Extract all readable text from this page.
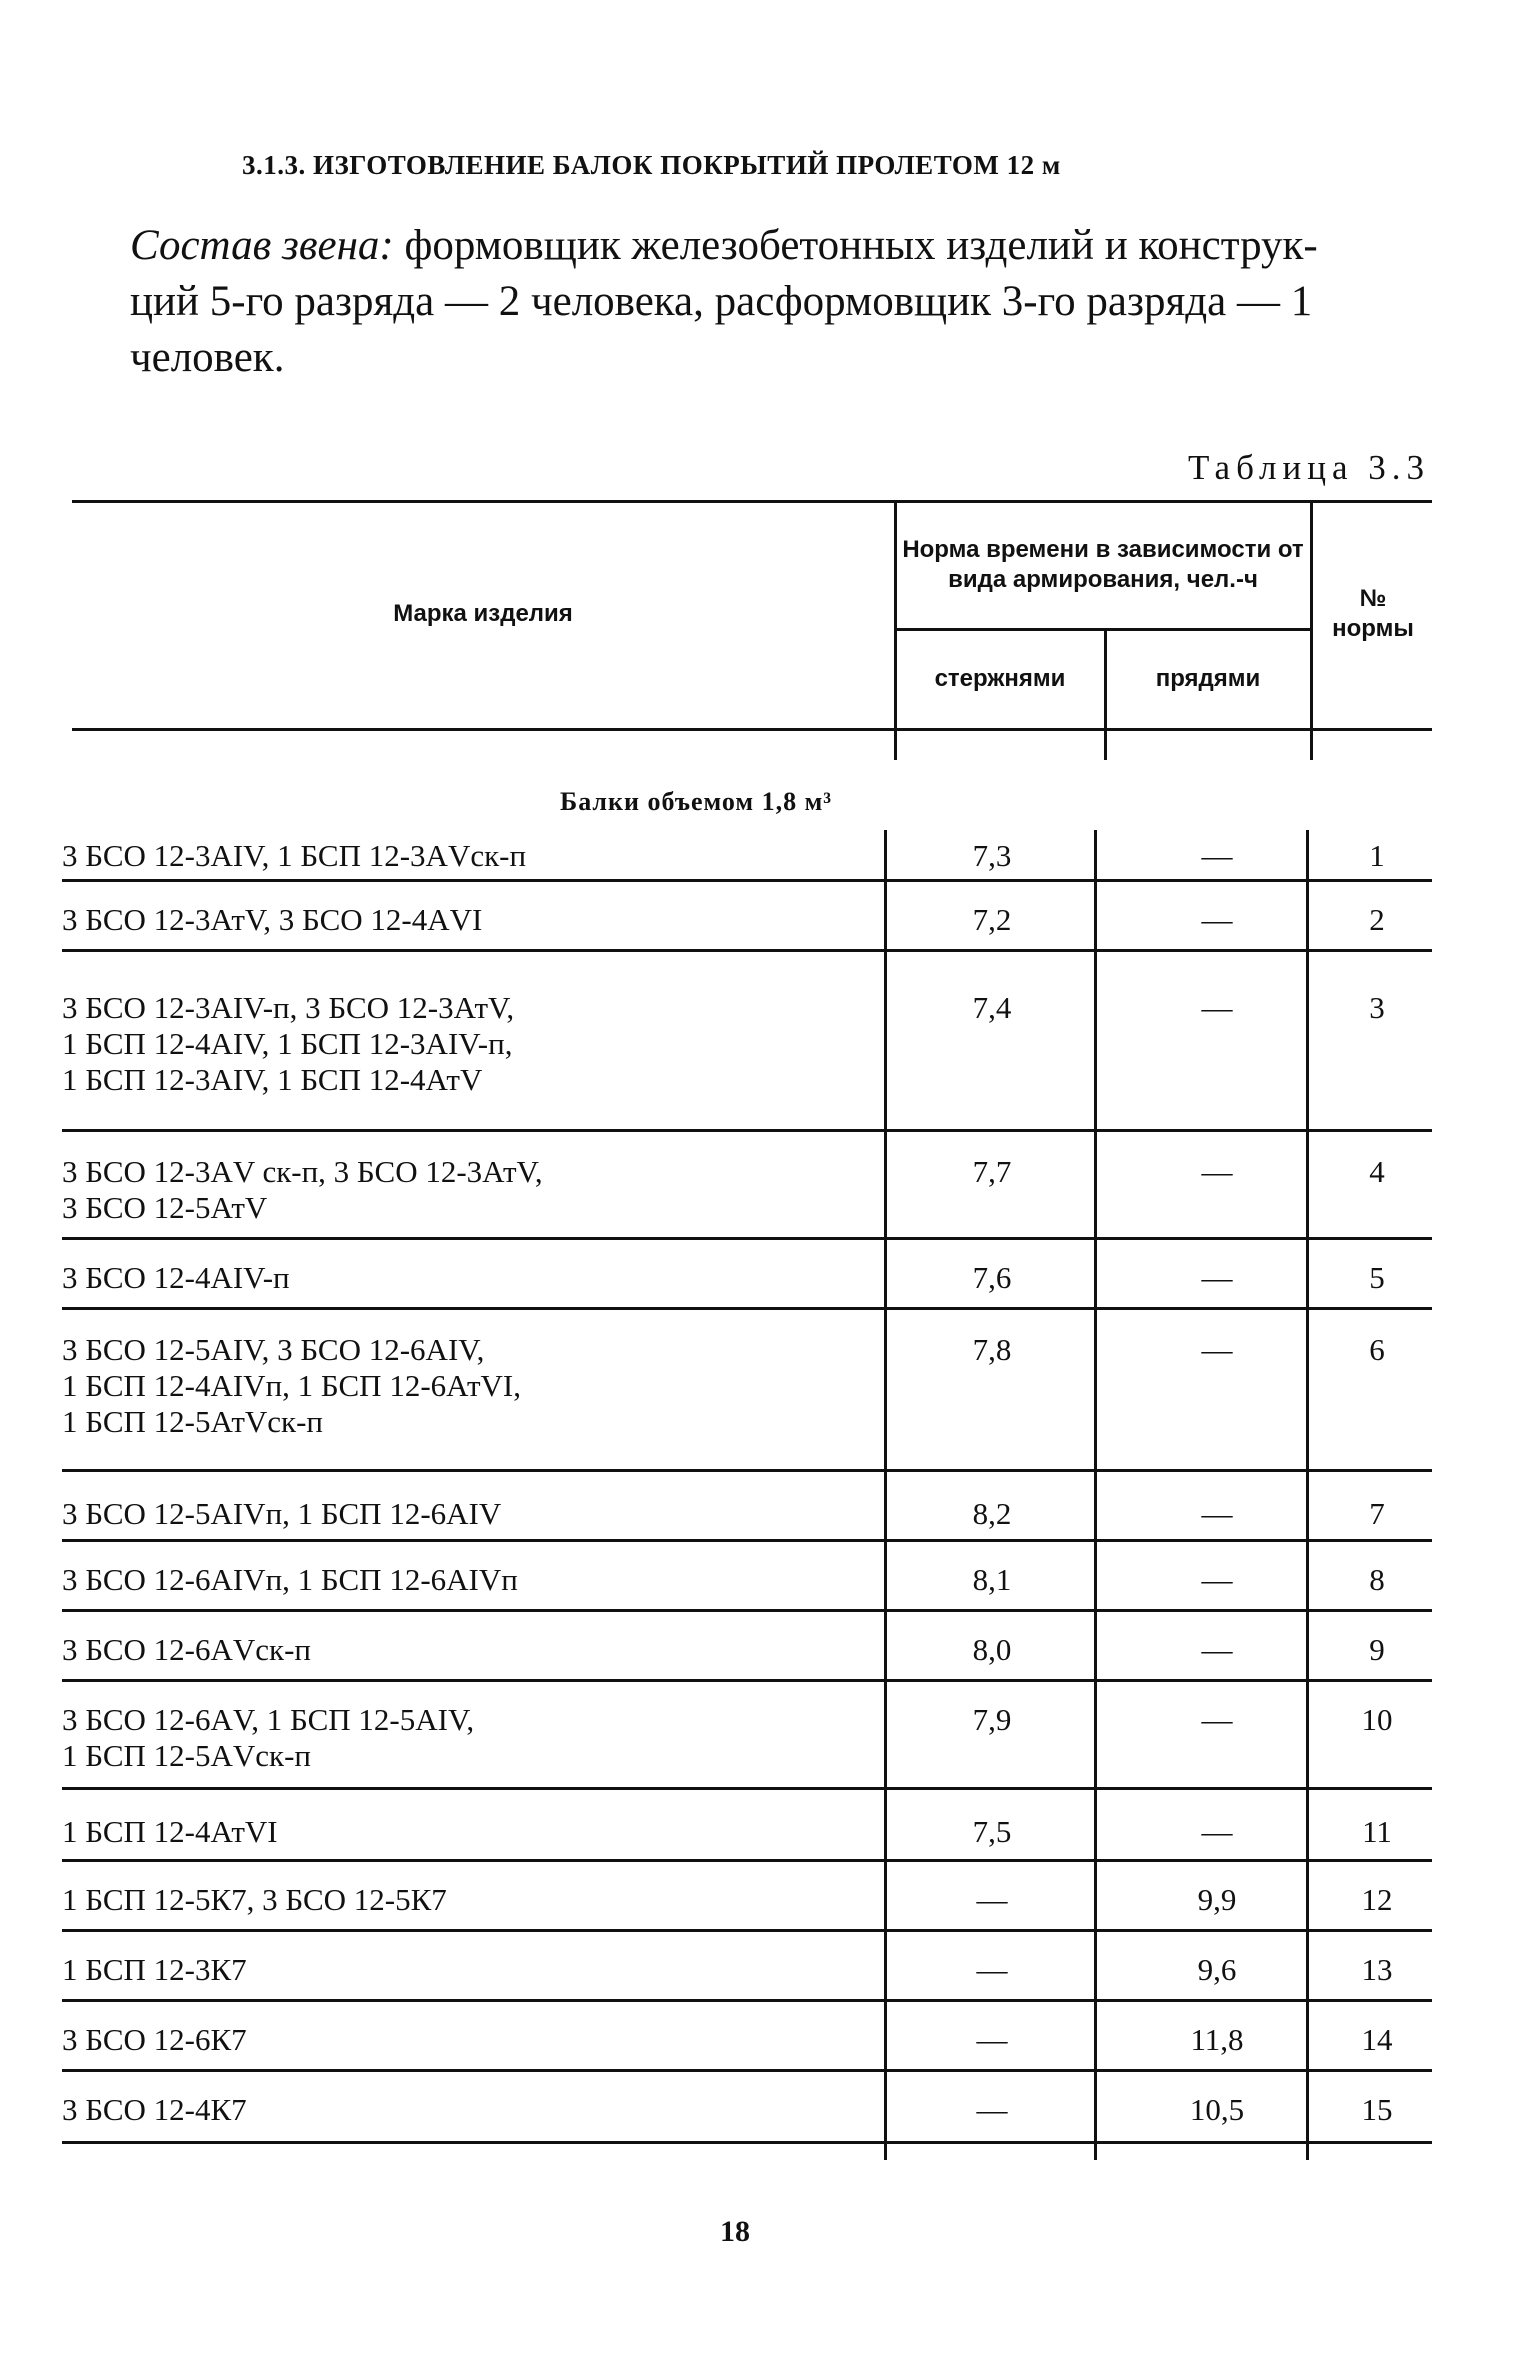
3.1.3. ИЗГОТОВЛЕНИЕ БАЛОК ПОКРЫТИЙ ПРОЛЕТОМ 12 м
Состав звена: формовщик железобетонных изделий и конструк-
ций 5-го разряда — 2 человека, расформовщик 3-го разряда — 1 человек.
Таблица 3.3
Марка изделия
Норма времени в зависимости от вида армирования, чел.-ч
стержнями	прядями
№
нормы
Балки объемом 1,8 м³
3 БСО 12-3АIV, 1 БСП 12-3АVск-п	7,3	—	1
3 БСО 12-3АтV, 3 БСО 12-4АVI	7,2	—	2
3 БСО 12-3АIV-п, 3 БСО 12-3АтV,
1 БСП 12-4АIV, 1 БСП 12-3АIV-п,
1 БСП 12-3АIV, 1 БСП 12-4АтV
7,4	—	3
3 БСО 12-3АV ск-п, 3 БСО 12-3АтV,
3 БСО 12-5АтV
7,7	—	4
3 БСО 12-4АIV-п	7,6	—	5
3 БСО 12-5АIV, 3 БСО 12-6АIV,
1 БСП 12-4АIVп, 1 БСП 12-6АтVI,
1 БСП 12-5АтVск-п
7,8	—	6
3 БСО 12-5АIVп, 1 БСП 12-6АIV	8,2	—	7
3 БСО 12-6АIVп, 1 БСП 12-6АIVп	8,1	—	8
3 БСО 12-6АVск-п	8,0	—	9
3 БСО 12-6АV, 1 БСП 12-5АIV,
1 БСП 12-5АVск-п
7,9	—	10
1 БСП 12-4АтVI	7,5	—	11
1 БСП 12-5К7, 3 БСО 12-5К7	—	9,9	12
1 БСП 12-3К7	—	9,6	13
3 БСО 12-6К7	—	11,8	14
3 БСО 12-4К7	—	10,5	15
18
